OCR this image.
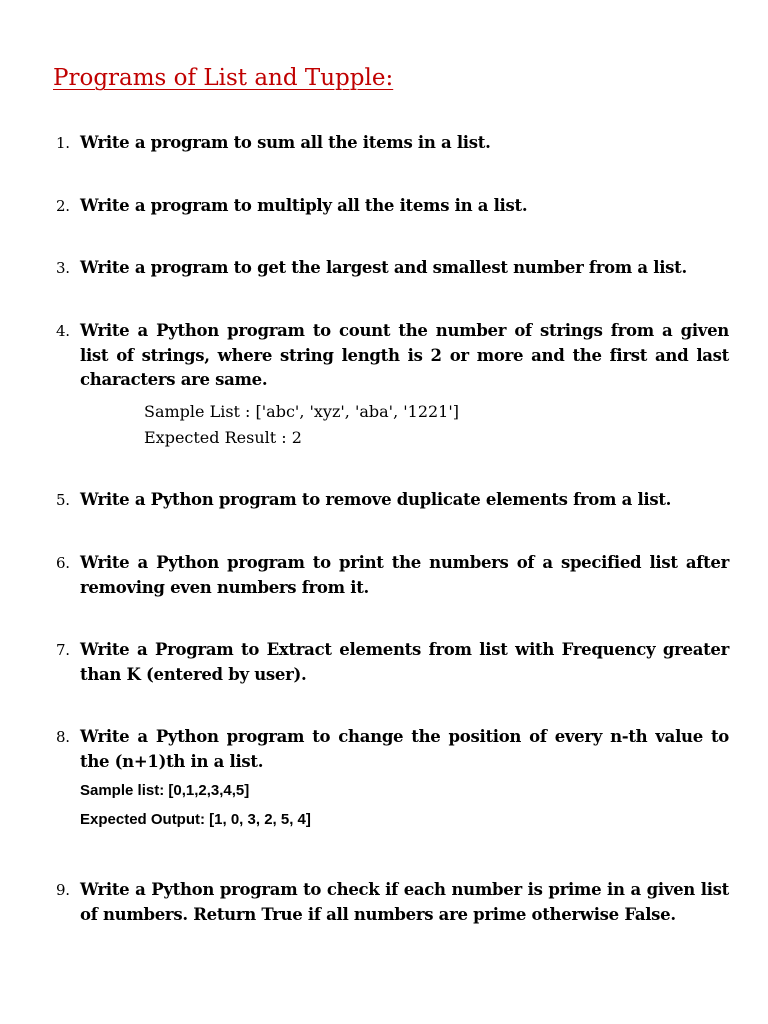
Programs of List and Tupple:
1. Write a program to sum all the items in a list.
2. Write a program to multiply all the items in a list.
3. Write a program to get the largest and smallest number from a list.
4. Write a Python program to count the number of strings from a given list of strings, where string length is 2 or more and the first and last characters are same.
Sample List : ['abc', 'xyz', 'aba', '1221']
Expected Result : 2
5. Write a Python program to remove duplicate elements from a list.
6. Write a Python program to print the numbers of a specified list after removing even numbers from it.
7. Write a Program to Extract elements from list with Frequency greater than K (entered by user).
8. Write a Python program to change the position of every n-th value to the (n+1)th in a list.
Sample list: [0,1,2,3,4,5]
Expected Output: [1, 0, 3, 2, 5, 4]
9. Write a Python program to check if each number is prime in a given list of numbers. Return True if all numbers are prime otherwise False.
